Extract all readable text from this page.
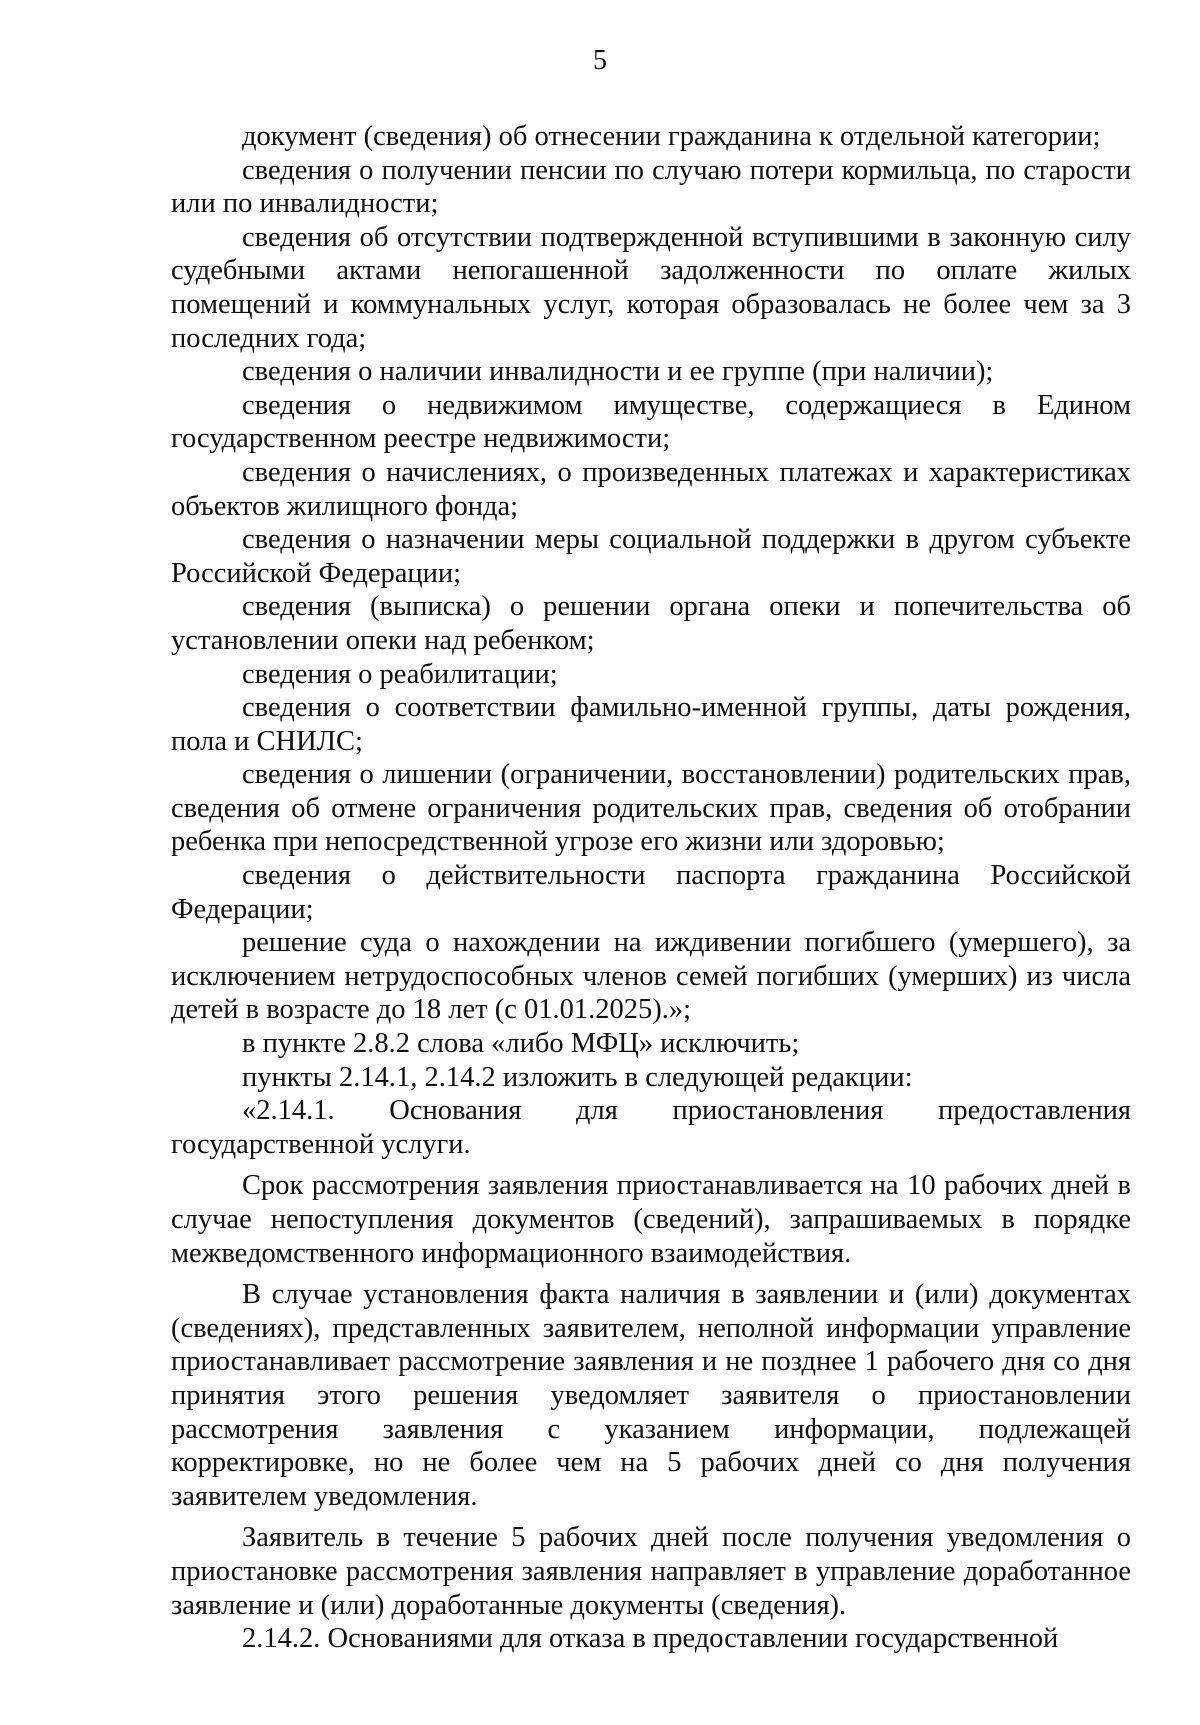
5

документ (сведения) об отнесении гражданина к отдельной категории;

сведения о получении пенсии по случаю потери кормильца, по старости или по инвалидности;

сведения об отсутствии подтвержденной вступившими в законную силу судебными актами непогашенной задолженности по оплате жилых помещений и коммунальных услуг, которая образовалась не более чем за 3 последних года;

сведения о наличии инвалидности и ее группе (при наличии);

сведения о недвижимом имуществе, содержащиеся в Едином государственном реестре недвижимости;

сведения о начислениях, о произведенных платежах и характеристиках объектов жилищного фонда;

сведения о назначении меры социальной поддержки в другом субъекте Российской Федерации;

сведения (выписка) о решении органа опеки и попечительства об установлении опеки над ребенком;

сведения о реабилитации;

сведения о соответствии фамильно-именной группы, даты рождения, пола и СНИЛС;

сведения о лишении (ограничении, восстановлении) родительских прав, сведения об отмене ограничения родительских прав, сведения об отобрании ребенка при непосредственной угрозе его жизни или здоровью;

сведения о действительности паспорта гражданина Российской Федерации;

решение суда о нахождении на иждивении погибшего (умершего), за исключением нетрудоспособных членов семей погибших (умерших) из числа детей в возрасте до 18 лет (с 01.01.2025).»;

в пункте 2.8.2 слова «либо МФЦ» исключить;

пункты 2.14.1, 2.14.2 изложить в следующей редакции:

«2.14.1. Основания для приостановления предоставления государственной услуги.

Срок рассмотрения заявления приостанавливается на 10 рабочих дней в случае непоступления документов (сведений), запрашиваемых в порядке межведомственного информационного взаимодействия.

В случае установления факта наличия в заявлении и (или) документах (сведениях), представленных заявителем, неполной информации управление приостанавливает рассмотрение заявления и не позднее 1 рабочего дня со дня принятия этого решения уведомляет заявителя о приостановлении рассмотрения заявления с указанием информации, подлежащей корректировке, но не более чем на 5 рабочих дней со дня получения заявителем уведомления.

Заявитель в течение 5 рабочих дней после получения уведомления о приостановке рассмотрения заявления направляет в управление доработанное заявление и (или) доработанные документы (сведения).

2.14.2. Основаниями для отказа в предоставлении государственной
